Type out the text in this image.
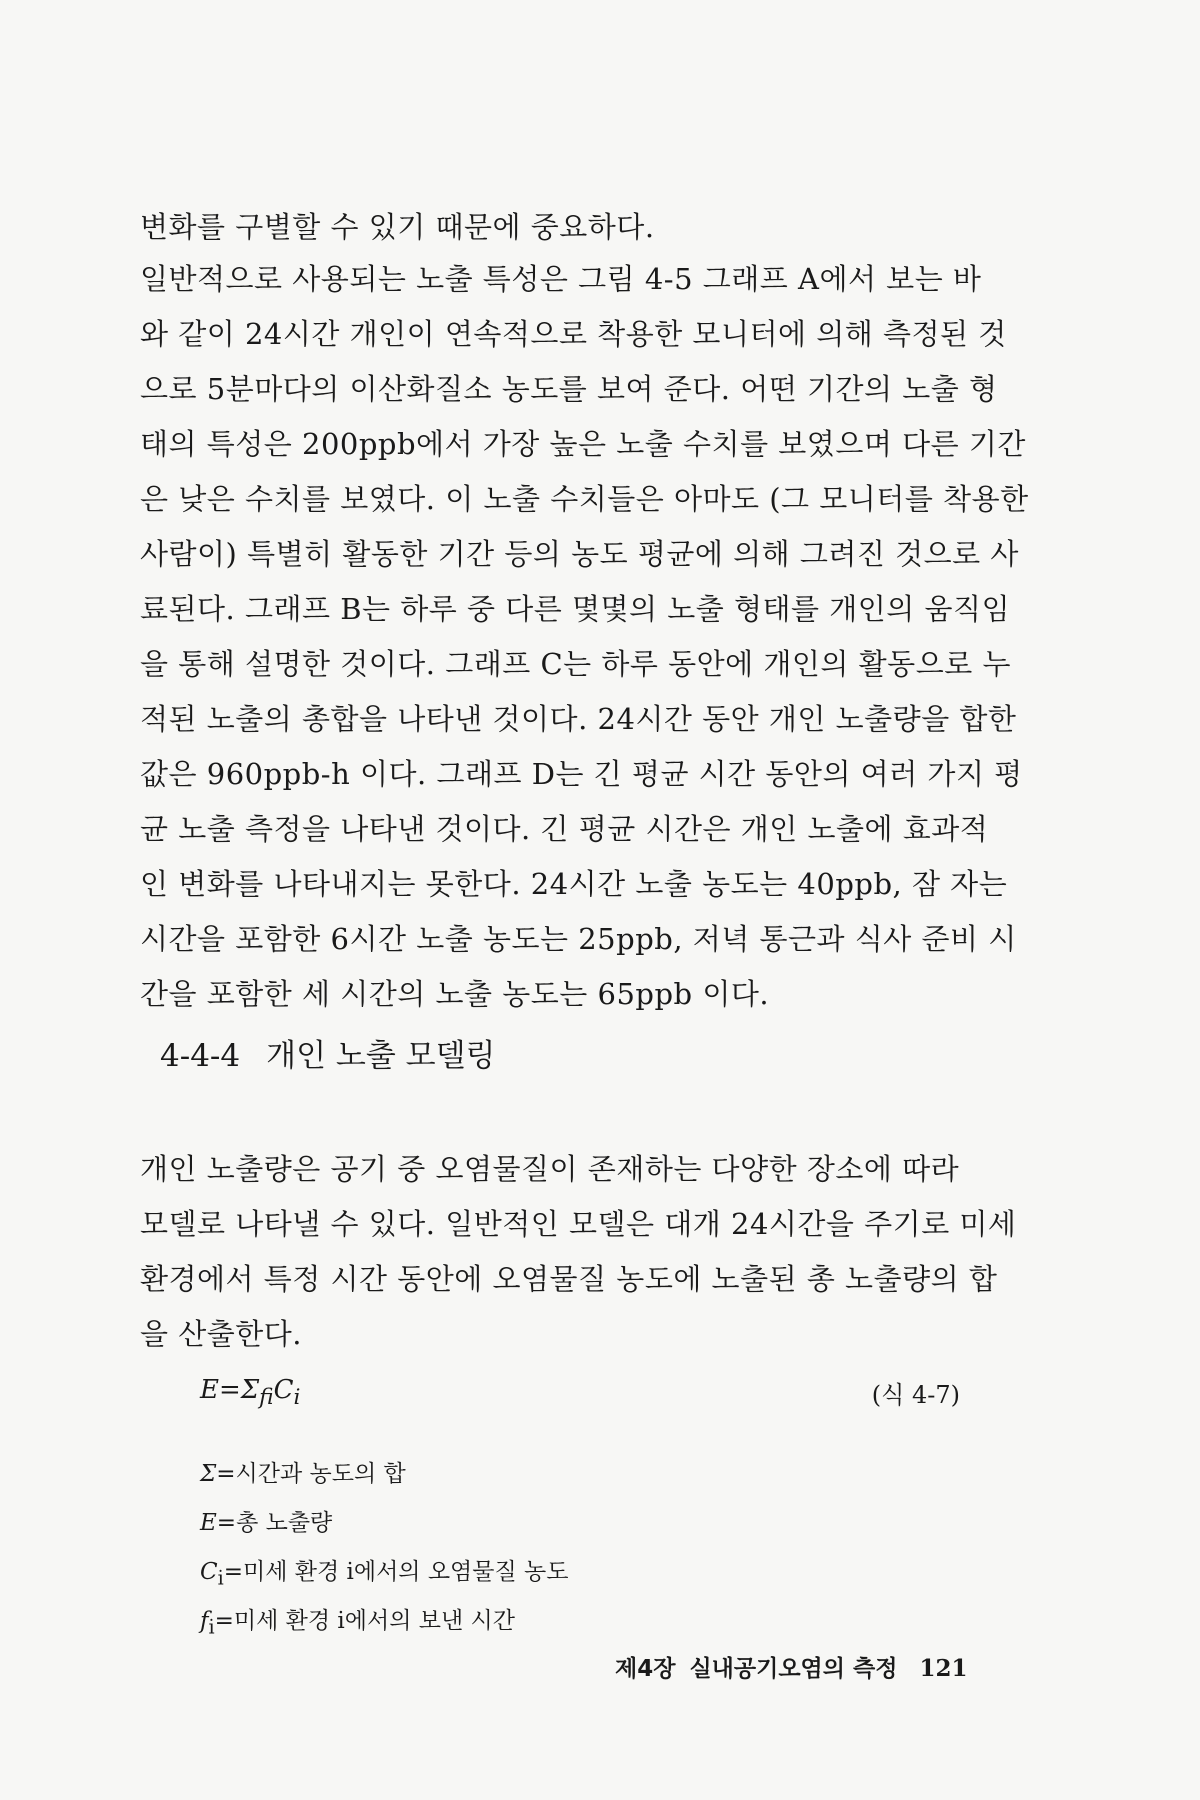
변화를 구별할 수 있기 때문에 중요하다.
일반적으로 사용되는 노출 특성은 그림 4-5 그래프 A에서 보는 바
와 같이 24시간 개인이 연속적으로 착용한 모니터에 의해 측정된 것
으로 5분마다의 이산화질소 농도를 보여 준다. 어떤 기간의 노출 형
태의 특성은 200ppb에서 가장 높은 노출 수치를 보였으며 다른 기간
은 낮은 수치를 보였다. 이 노출 수치들은 아마도 (그 모니터를 착용한
사람이) 특별히 활동한 기간 등의 농도 평균에 의해 그려진 것으로 사
료된다. 그래프 B는 하루 중 다른 몇몇의 노출 형태를 개인의 움직임
을 통해 설명한 것이다. 그래프 C는 하루 동안에 개인의 활동으로 누
적된 노출의 총합을 나타낸 것이다. 24시간 동안 개인 노출량을 합한
값은 960ppb-h 이다. 그래프 D는 긴 평균 시간 동안의 여러 가지 평
균 노출 측정을 나타낸 것이다. 긴 평균 시간은 개인 노출에 효과적
인 변화를 나타내지는 못한다. 24시간 노출 농도는 40ppb, 잠 자는
시간을 포함한 6시간 노출 농도는 25ppb, 저녁 통근과 식사 준비 시
간을 포함한 세 시간의 노출 농도는 65ppb 이다.
4-4-4 개인 노출 모델링
개인 노출량은 공기 중 오염물질이 존재하는 다양한 장소에 따라
모델로 나타낼 수 있다. 일반적인 모델은 대개 24시간을 주기로 미세
환경에서 특정 시간 동안에 오염물질 농도에 노출된 총 노출량의 합
을 산출한다.
$E=\Sigma_{fi}C_i$	(식 4-7)
Σ=시간과 농도의 합
E=총 노출량
$C_i=$미세 환경 i에서의 오염물질 농도
$f_i=$미세 환경 i에서의 보낸 시간
제4장 실내공기오염의 측정 121
